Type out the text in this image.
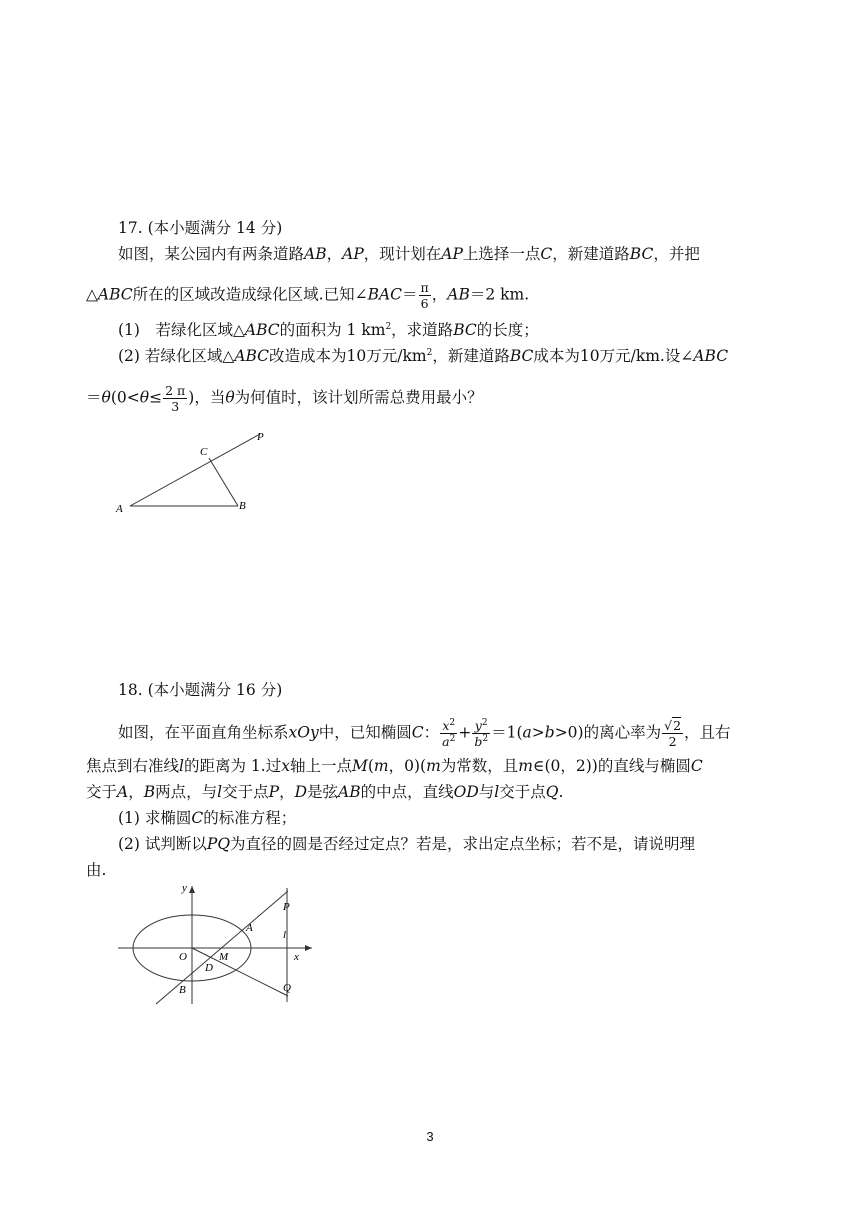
17. (本小题满分 14 分)
如图，某公园内有两条道路AB，AP，现计划在AP上选择一点C，新建道路BC，并把
△ABC所在的区域改造成绿化区域.已知∠BAC＝ $\frac{\pi}{6}$ ，AB＝2 km.
(1)　若绿化区域△ABC的面积为 1 $km^2$，求道路BC的长度；
(2) 若绿化区域△ABC改造成本为10万元$/km^2$，新建道路BC成本为10万元/km.设∠ABC
$=\theta(0<\theta\le \frac{2 \pi}{3}$ )，当θ为何值时，该计划所需总费用最小？
A	B
C
P
18. (本小题满分 16 分)
如图，在平面直角坐标系xOy中，已知椭圆C： $\frac{x^2}{a^2} + \frac{y^2}{b^2} =1(a>b>0)$的离心率为 $\frac{√2}{2}$ ，且右
焦点到右准线l的距离为 1.过x轴上一点M(m，0)(m为常数，且m∈(0，2))的直线与椭圆C
交于A，B两点，与l交于点P，D是弦AB的中点，直线OD与l交于点Q.
(1) 求椭圆C的标准方程；
(2) 试判断以PQ为直径的圆是否经过定点？若是，求出定点坐标；若不是，请说明理
由.
y
x
O
A
B
D
M
P
Q
l
3
